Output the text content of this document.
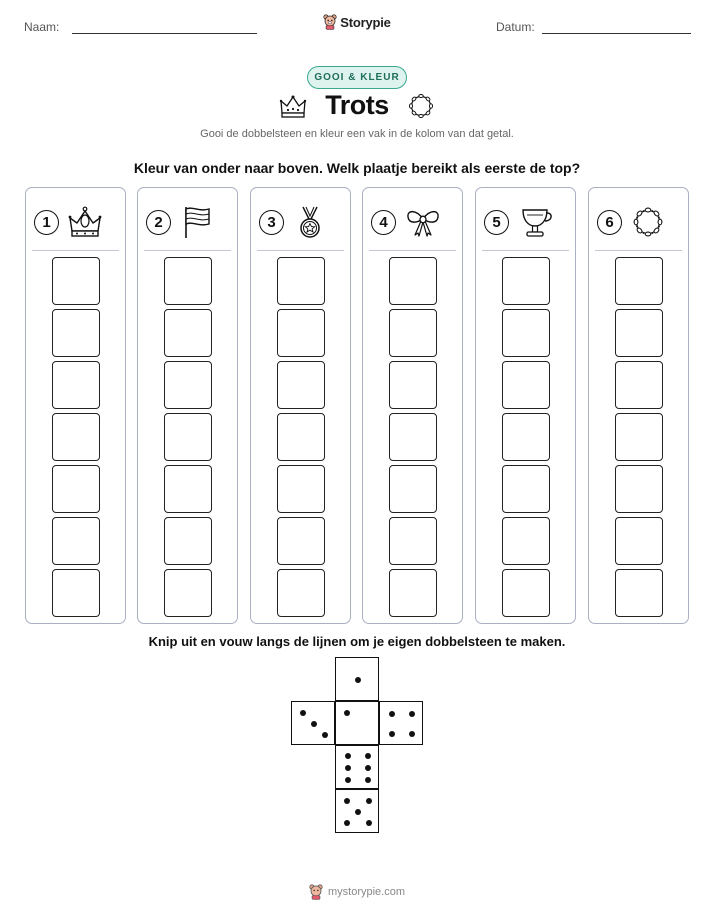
Naam:	Storypie	Datum:
GOOI & KLEUR
Trots
Gooi de dobbelsteen en kleur een vak in de kolom van dat getal.
Kleur van onder naar boven. Welk plaatje bereikt als eerste de top?
1	2	3	4	5	6
Knip uit en vouw langs de lijnen om je eigen dobbelsteen te maken.
mystorypie.com
